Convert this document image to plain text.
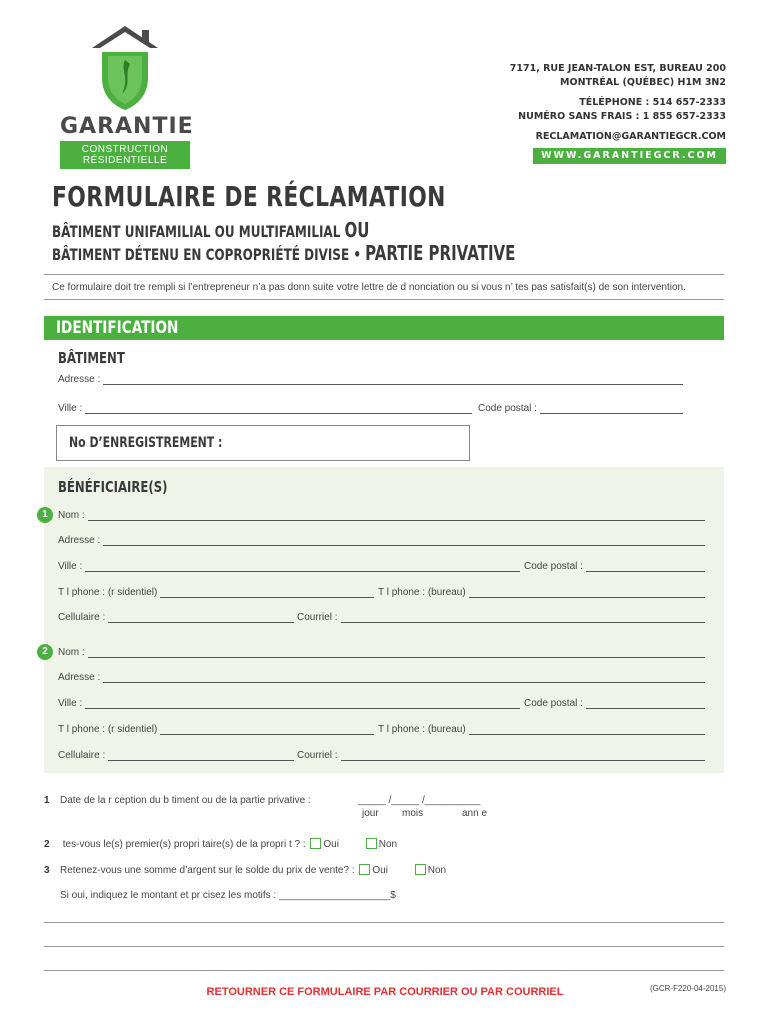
GARANTIE
CONSTRUCTION RÉSIDENTIELLE
7171, RUE JEAN-TALON EST, BUREAU 200
MONTRÉAL (QUÉBEC) H1M 3N2
TÉLÉPHONE : 514 657-2333
NUMÉRO SANS FRAIS : 1 855 657-2333
RECLAMATION@GARANTIEGCR.COM
WWW.GARANTIEGCR.COM
FORMULAIRE DE RÉCLAMATION
BÂTIMENT UNIFAMILIAL OU MULTIFAMILIAL OU
BÂTIMENT DÉTENU EN COPROPRIÉTÉ DIVISE • PARTIE PRIVATIVE
Ce formulaire doit tre rempli si l’entrepreneur n’a pas donn suite votre lettre de d nonciation ou si vous n’ tes pas satisfait(s) de son intervention.
IDENTIFICATION
BÂTIMENT
Adresse :
Ville :	Code postal :
No D’ENREGISTREMENT :
BÉNÉFICIAIRE(S)
1	Nom :
Adresse :
Ville :	Code postal :
T l phone : (r sidentiel)	T l phone : (bureau)
Cellulaire :	Courriel :
2	Nom :
Adresse :
Ville :	Code postal :
T l phone : (r sidentiel)	T l phone : (bureau)
Cellulaire :	Courriel :
1 Date de la r ception du b timent ou de la partie privative :	_____ /_____ /__________
jour mois	ann e
2 tes-vous le(s) premier(s) propri taire(s) de la propri t ? : Oui	Non
3 Retenez-vous une somme d’argent sur le solde du prix de vente? : Oui	Non
Si oui, indiquez le montant et pr cisez les motifs : ____________________$
RETOURNER CE FORMULAIRE PAR COURRIER OU PAR COURRIEL	(GCR-F220-04-2015)
